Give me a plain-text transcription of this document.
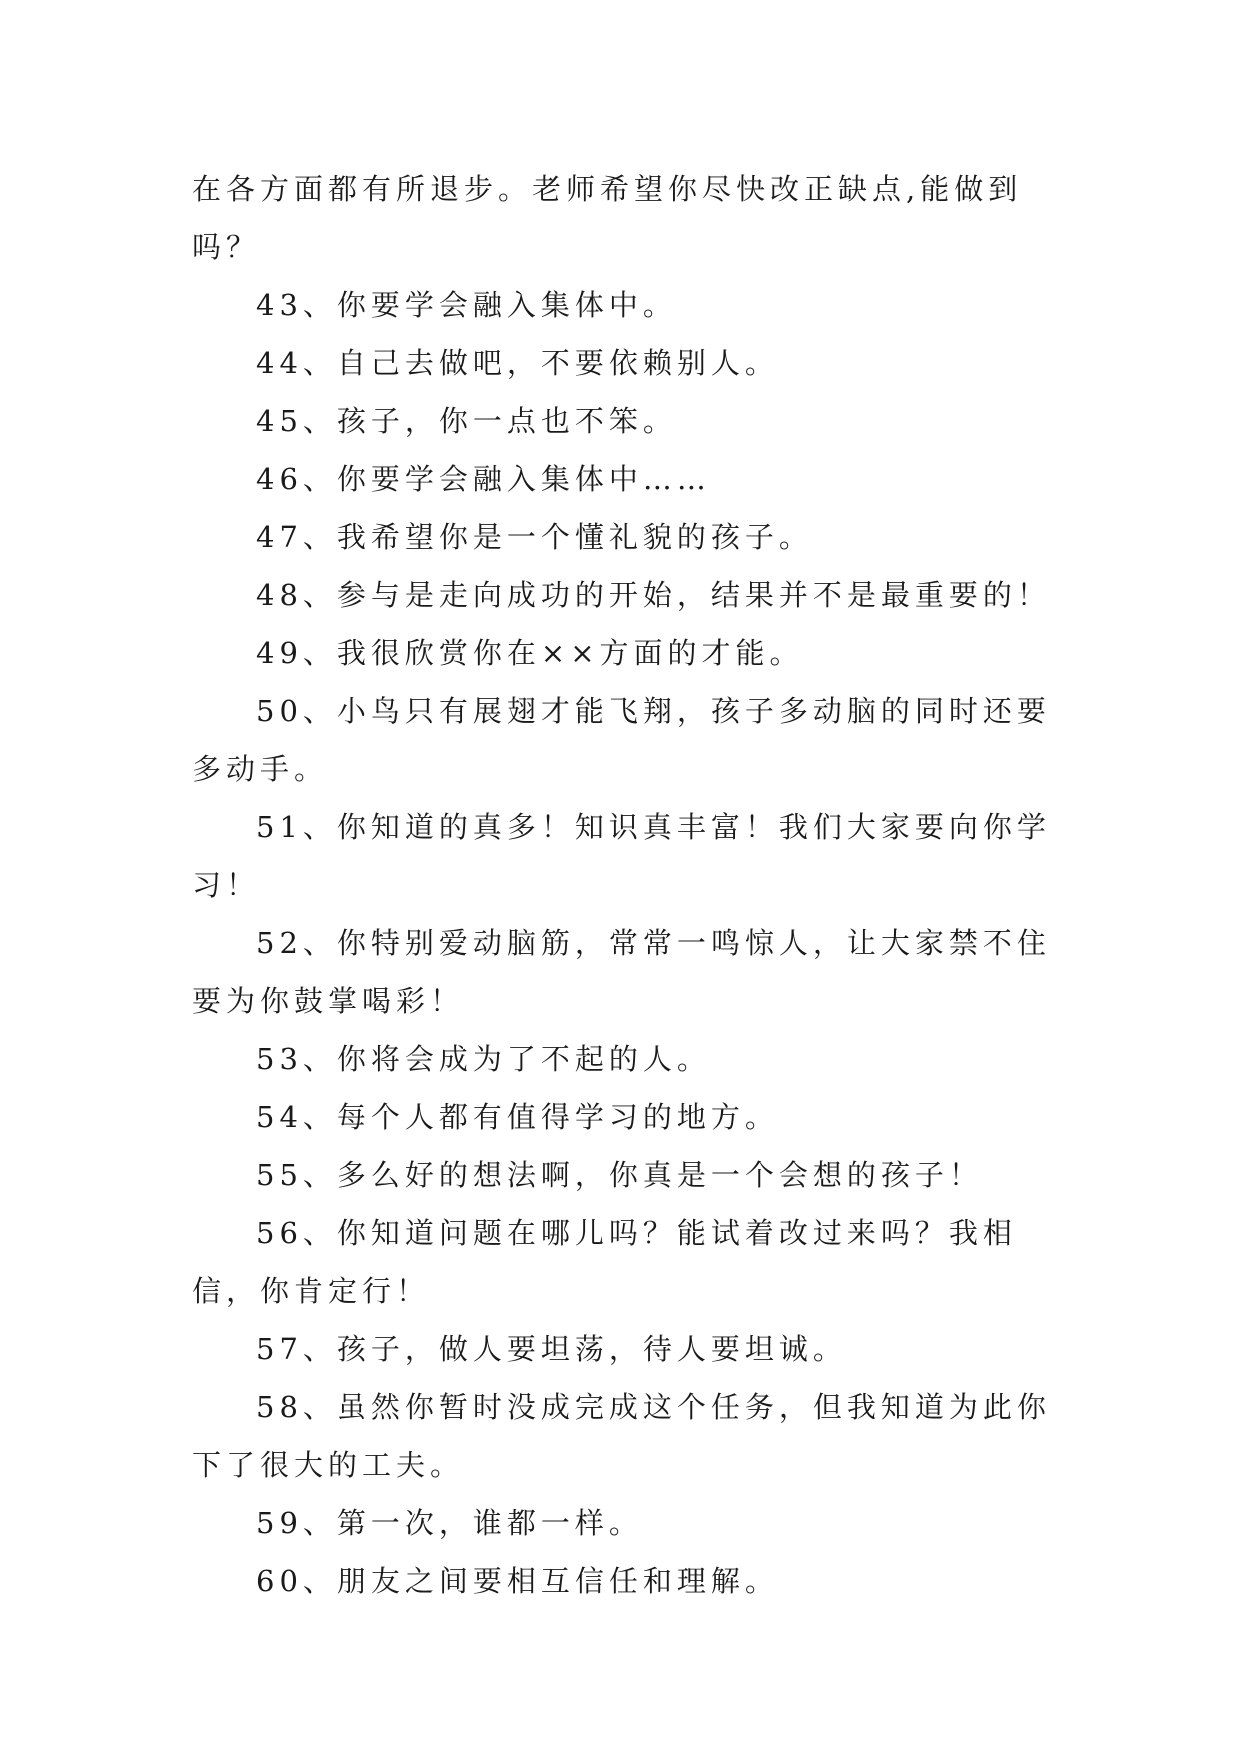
在各方面都有所退步。老师希望你尽快改正缺点,能做到吗？

43、你要学会融入集体中。

44、自己去做吧，不要依赖别人。

45、孩子，你一点也不笨。

46、你要学会融入集体中……

47、我希望你是一个懂礼貌的孩子。

48、参与是走向成功的开始，结果并不是最重要的！

49、我很欣赏你在××方面的才能。

50、小鸟只有展翅才能飞翔，孩子多动脑的同时还要多动手。

51、你知道的真多！知识真丰富！我们大家要向你学习！

52、你特别爱动脑筋，常常一鸣惊人，让大家禁不住要为你鼓掌喝彩！

53、你将会成为了不起的人。

54、每个人都有值得学习的地方。

55、多么好的想法啊，你真是一个会想的孩子！

56、你知道问题在哪儿吗？能试着改过来吗？我相信，你肯定行！

57、孩子，做人要坦荡，待人要坦诚。

58、虽然你暂时没成完成这个任务，但我知道为此你下了很大的工夫。

59、第一次，谁都一样。

60、朋友之间要相互信任和理解。
